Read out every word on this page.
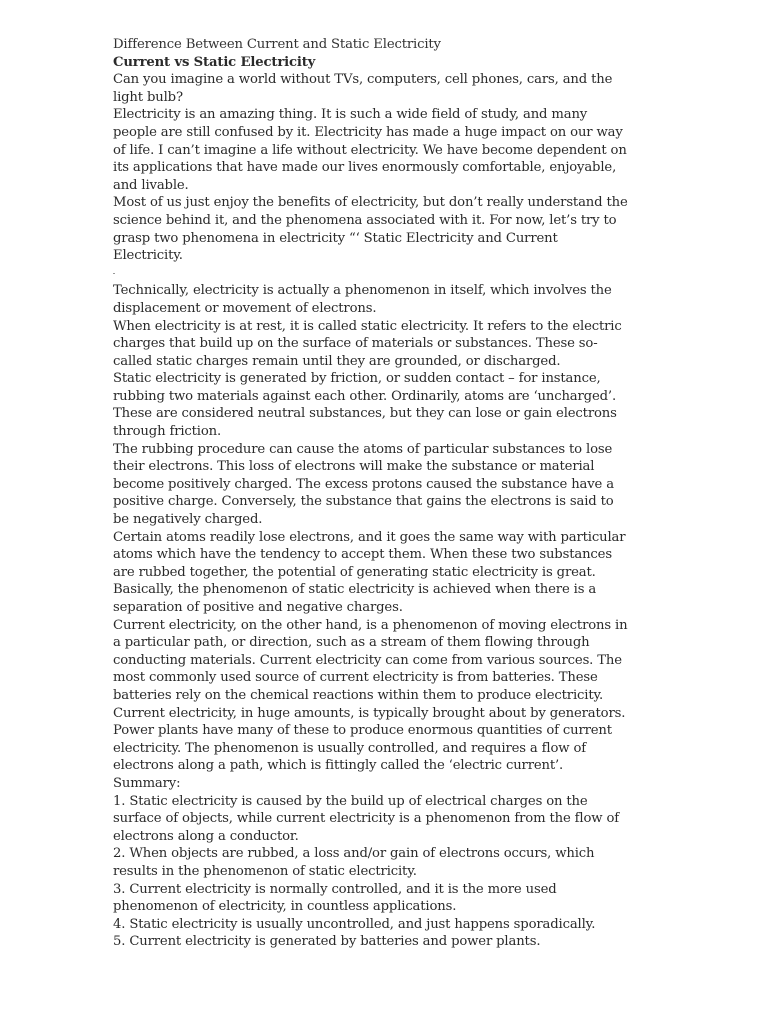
Difference Between Current and Static Electricity

Current vs Static Electricity

Can you imagine a world without TVs, computers, cell phones, cars, and the light bulb?

Electricity is an amazing thing. It is such a wide field of study, and many people are still confused by it. Electricity has made a huge impact on our way of life. I can’t imagine a life without electricity. We have become dependent on its applications that have made our lives enormously comfortable, enjoyable, and livable.

Most of us just enjoy the benefits of electricity, but don’t really understand the science behind it, and the phenomena associated with it. For now, let’s try to grasp two phenomena in electricity “‘ Static Electricity and Current Electricity.

Technically, electricity is actually a phenomenon in itself, which involves the displacement or movement of electrons.

When electricity is at rest, it is called static electricity. It refers to the electric charges that build up on the surface of materials or substances. These so-called static charges remain until they are grounded, or discharged.

Static electricity is generated by friction, or sudden contact – for instance, rubbing two materials against each other. Ordinarily, atoms are ‘uncharged’. These are considered neutral substances, but they can lose or gain electrons through friction.

The rubbing procedure can cause the atoms of particular substances to lose their electrons. This loss of electrons will make the substance or material become positively charged. The excess protons caused the substance have a positive charge. Conversely, the substance that gains the electrons is said to be negatively charged.

Certain atoms readily lose electrons, and it goes the same way with particular atoms which have the tendency to accept them. When these two substances are rubbed together, the potential of generating static electricity is great. Basically, the phenomenon of static electricity is achieved when there is a separation of positive and negative charges.

Current electricity, on the other hand, is a phenomenon of moving electrons in a particular path, or direction, such as a stream of them flowing through conducting materials. Current electricity can come from various sources. The most commonly used source of current electricity is from batteries. These batteries rely on the chemical reactions within them to produce electricity. Current electricity, in huge amounts, is typically brought about by generators. Power plants have many of these to produce enormous quantities of current electricity. The phenomenon is usually controlled, and requires a flow of electrons along a path, which is fittingly called the ‘electric current’.

Summary:

1. Static electricity is caused by the build up of electrical charges on the surface of objects, while current electricity is a phenomenon from the flow of electrons along a conductor.

2. When objects are rubbed, a loss and/or gain of electrons occurs, which results in the phenomenon of static electricity.

3. Current electricity is normally controlled, and it is the more used phenomenon of electricity, in countless applications.

4. Static electricity is usually uncontrolled, and just happens sporadically.

5. Current electricity is generated by batteries and power plants.
